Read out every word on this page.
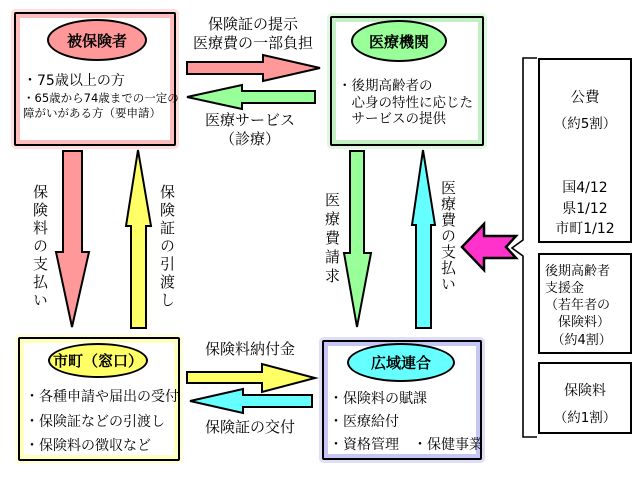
被保険者
・75歳以上の方
・65歳から74歳までの一定の
障がいがある方（要申請）
医療機関
・後期高齢者の
　心身の特性に応じた
　サービスの提供
市町（窓口）
・各種申請や届出の受付
・保険証などの引渡し
・保険料の徴収など
広域連合
・保険料の賦課
・医療給付
・資格管理　・保健事業
公費
（約5割）
国4/12
県1/12
市町1/12
後期高齢者
支援金
（若年者の
　保険料）
　（約4割）
保険料
（約1割）
保険証の提示
医療費の一部負担
医療サービス
（診療）
保険料納付金
保険証の交付
保険料の支払い	保険証の引渡し	医療費請求	医療費の支払い
